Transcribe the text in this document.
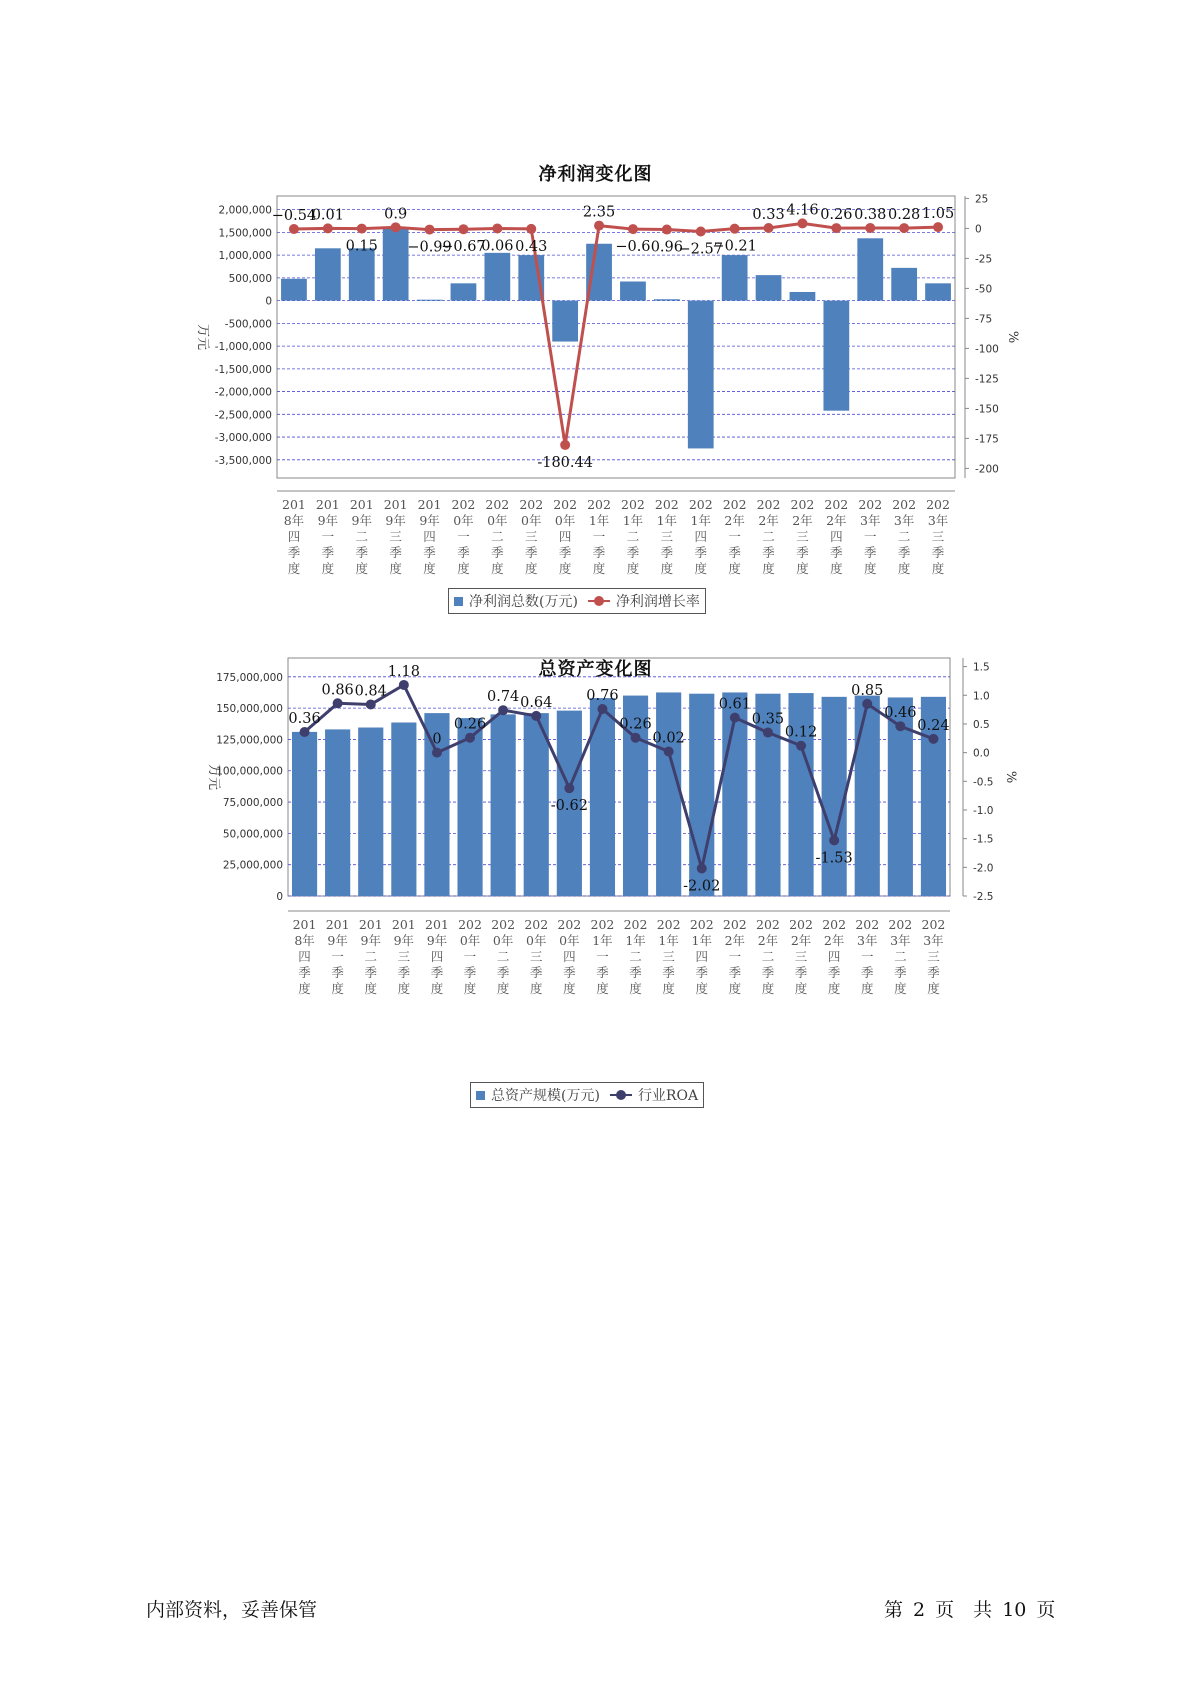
净利润变化图
2,000,000
1,500,000
1,000,000
500,000
0
-500,000
-1,000,000
-1,500,000
-2,000,000
-2,500,000
-3,000,000
-3,500,000
25
0
-25
-50
-75
-100
-125
-150
-175
-200
万元	%
−0.54
0.01
0.15
0.9
−0.99
−0.67
0.06 0.43
-180.44
2.35
−0.6 0.96
−2.57
−0.21
0.33 4.16 0.26 0.38 0.28 1.05
201
8年
四
季
度
201
9年
一
季
度
201
9年
二
季
度
201
9年
三
季
度
201
9年
四
季
度
202
0年
一
季
度
202
0年
二
季
度
202
0年
三
季
度
202
0年
四
季
度
202
1年
一
季
度
202
1年
二
季
度
202
1年
三
季
度
202
1年
四
季
度
202
2年
一
季
度
202
2年
二
季
度
202
2年
三
季
度
202
2年
四
季
度
202
3年
一
季
度
202
3年
二
季
度
202
3年
三
季
度
净利润总数(万元)	净利润增长率
总资产变化图
175,000,000
150,000,000
125,000,000
100,000,000
75,000,000
50,000,000
25,000,000
0
1.5
1.0
0.5
0.0
-0.5
-1.0
-1.5
-2.0
-2.5
万元	%
0.36
0.86 0.84
1.18
0
0.26
0.74 0.64
-0.62
0.76
0.26
0.02
-2.02
0.61
0.35
0.12
-1.53
0.85
0.46
0.24
201
8年
四
季
度
201
9年
一
季
度
201
9年
二
季
度
201
9年
三
季
度
201
9年
四
季
度
202
0年
一
季
度
202
0年
二
季
度
202
0年
三
季
度
202
0年
四
季
度
202
1年
一
季
度
202
1年
二
季
度
202
1年
三
季
度
202
1年
四
季
度
202
2年
一
季
度
202
2年
二
季
度
202
2年
三
季
度
202
2年
四
季
度
202
3年
一
季
度
202
3年
二
季
度
202
3年
三
季
度
总资产规模(万元)	行业ROA
内部资料，妥善保管	第 2 页　共 10 页
